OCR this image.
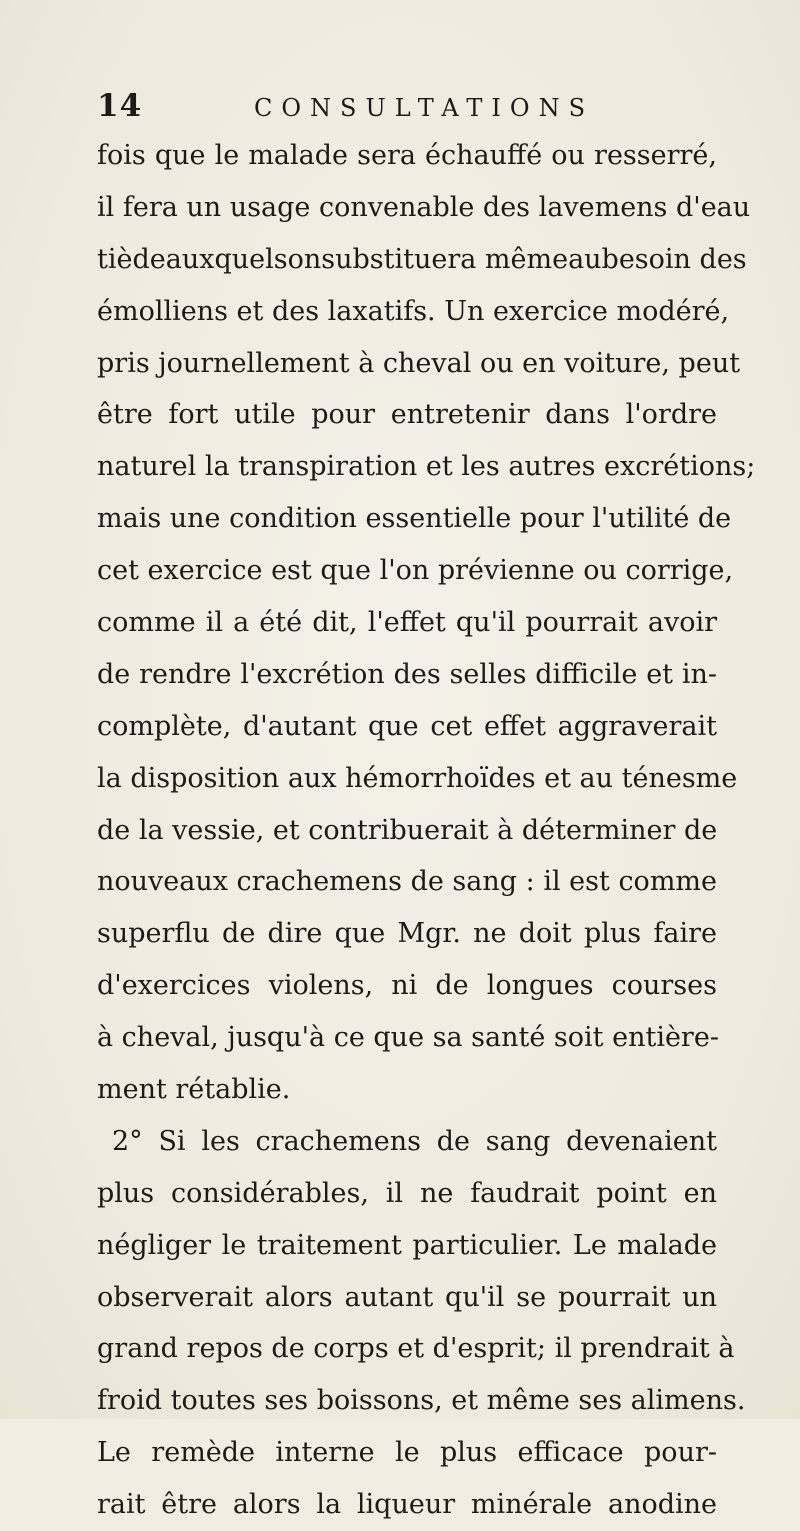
14	CONSULTATIONS
fois que le malade sera échauffé ou resserré,
il fera un usage convenable des lavemens d'eau
tièdeauxquelsonsubstituera mêmeaubesoin des
émolliens et des laxatifs. Un exercice modéré,
pris journellement à cheval ou en voiture, peut
être fort utile pour entretenir dans l'ordre
naturel la transpiration et les autres excrétions;
mais une condition essentielle pour l'utilité de
cet exercice est que l'on prévienne ou corrige,
comme il a été dit, l'effet qu'il pourrait avoir
de rendre l'excrétion des selles difficile et in-
complète, d'autant que cet effet aggraverait
la disposition aux hémorrhoïdes et au ténesme
de la vessie, et contribuerait à déterminer de
nouveaux crachemens de sang : il est comme
superflu de dire que Mgr. ne doit plus faire
d'exercices violens, ni de longues courses
à cheval, jusqu'à ce que sa santé soit entière-
ment rétablie.
2° Si les crachemens de sang devenaient
plus considérables, il ne faudrait point en
négliger le traitement particulier. Le malade
observerait alors autant qu'il se pourrait un
grand repos de corps et d'esprit; il prendrait à
froid toutes ses boissons, et même ses alimens.
Le remède interne le plus efficace pour-
rait être alors la liqueur minérale anodine
